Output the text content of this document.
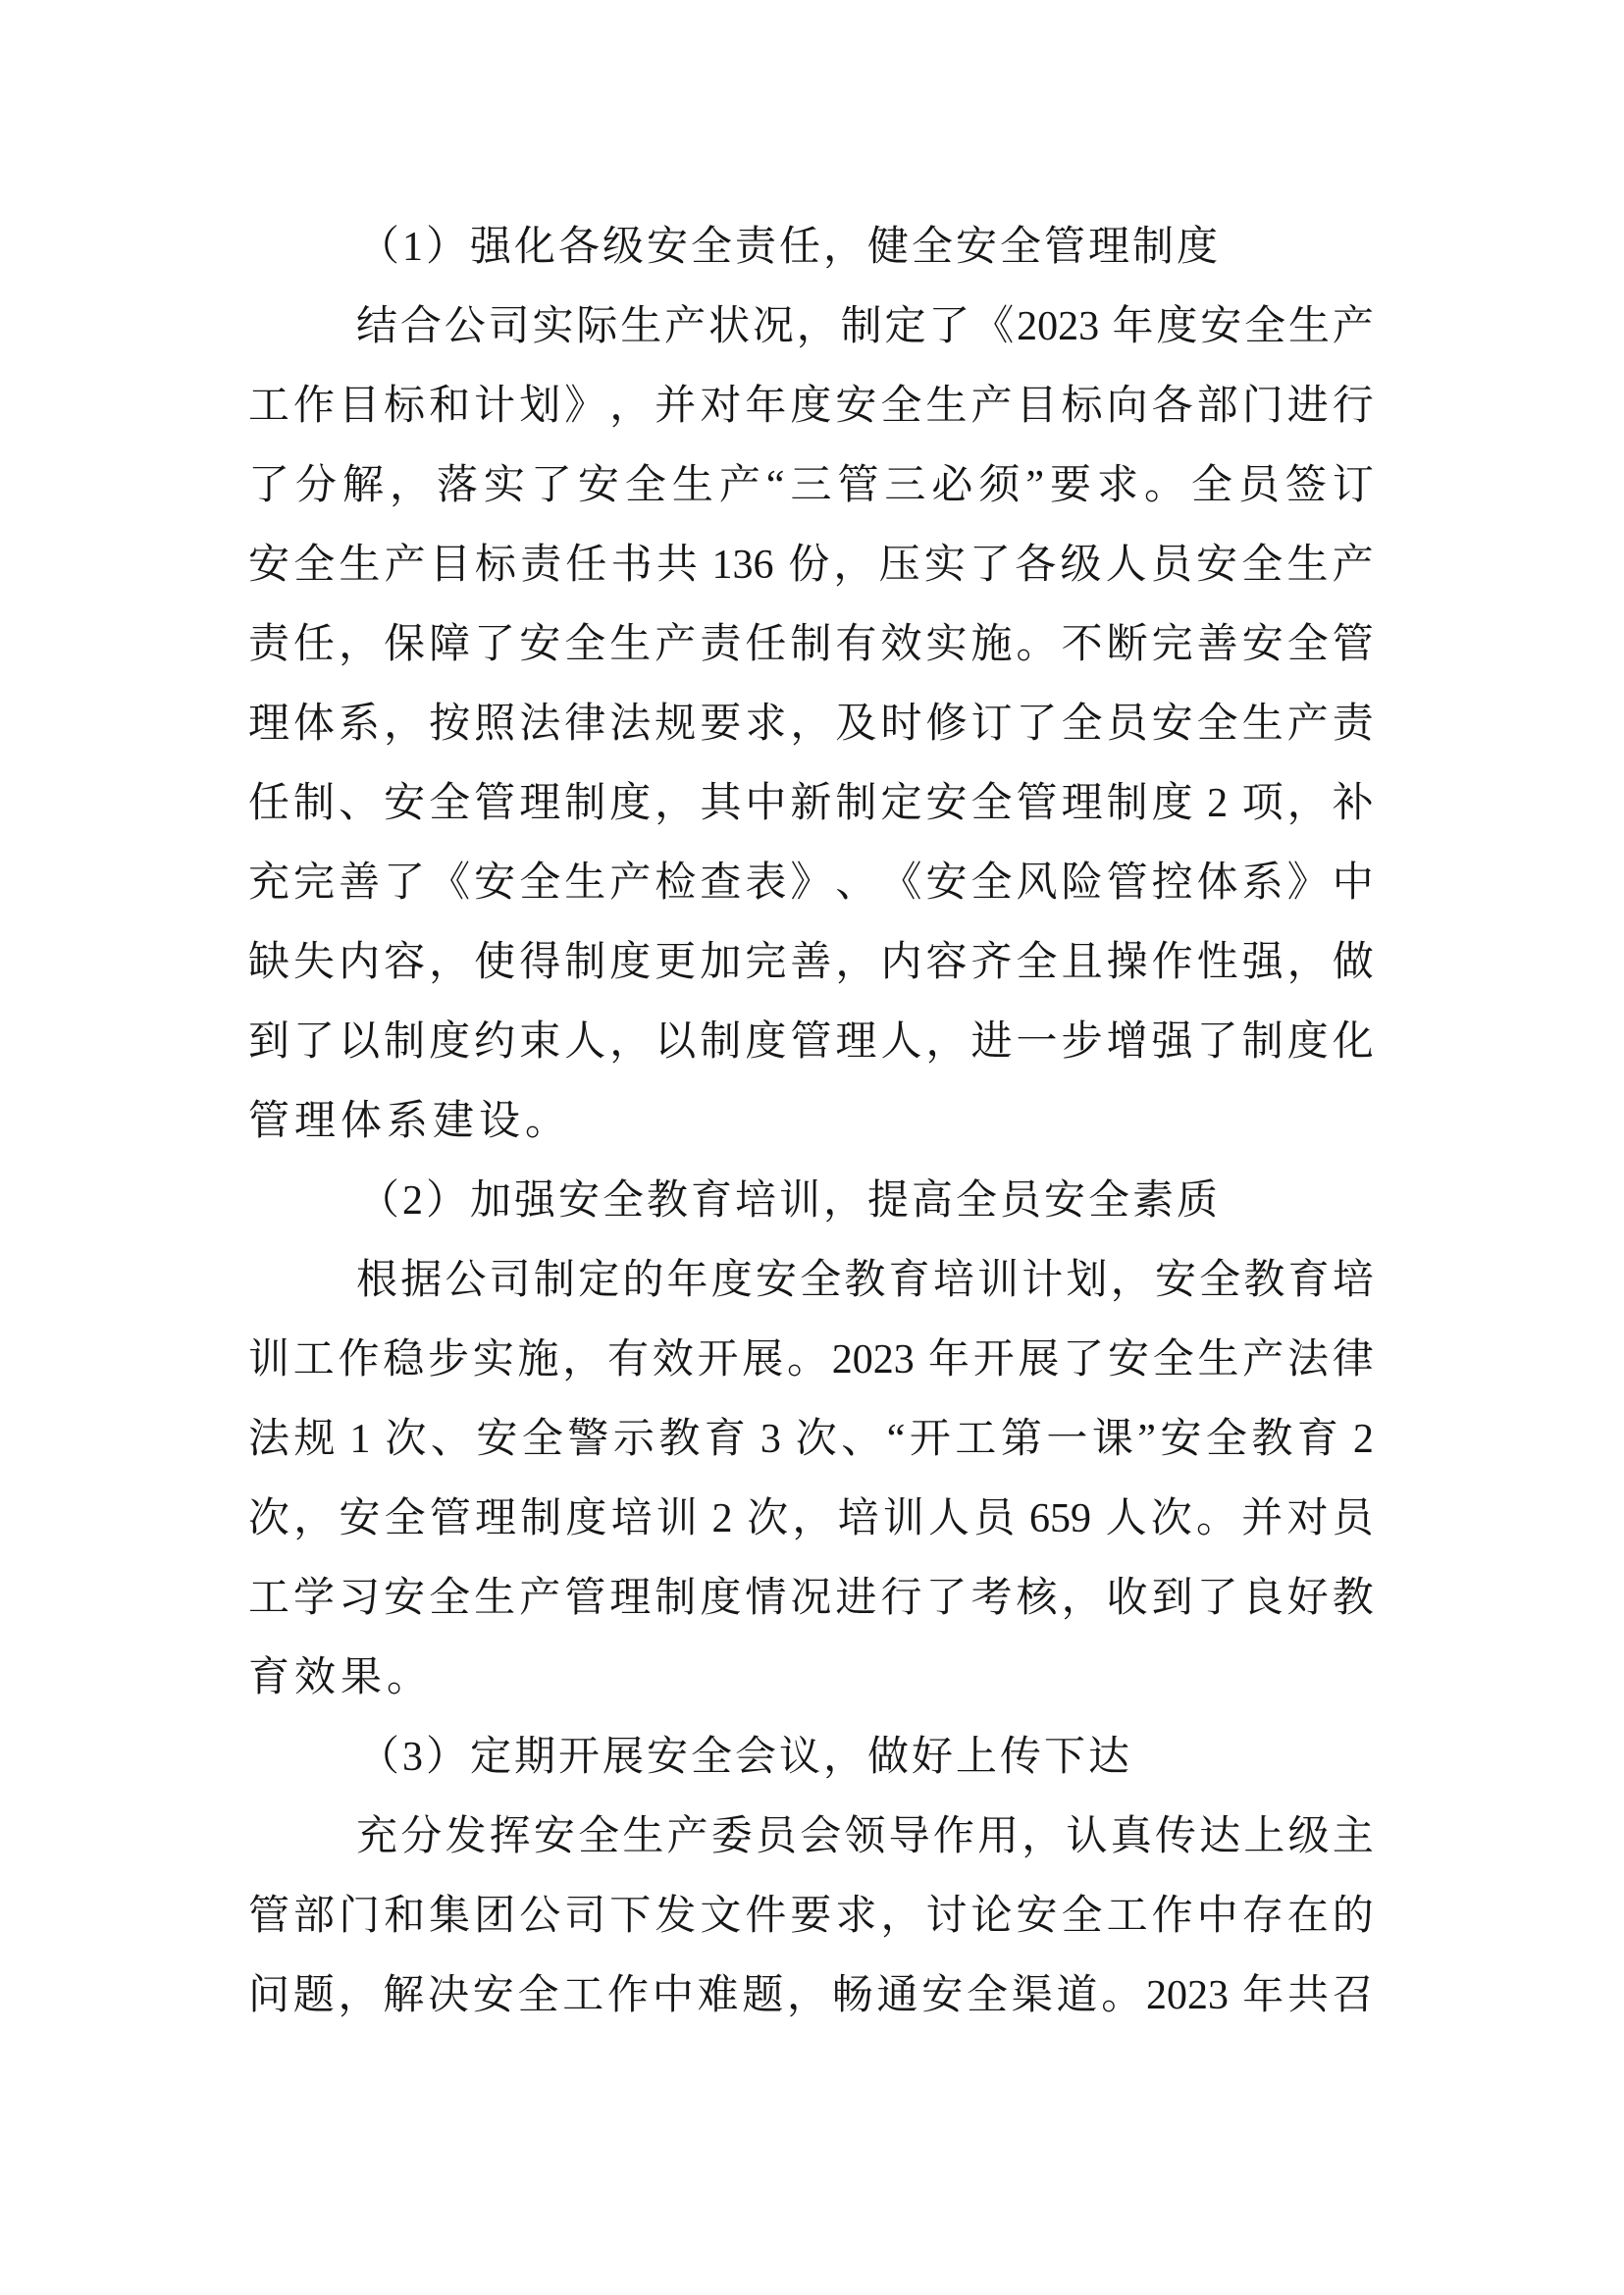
（1）强化各级安全责任，健全安全管理制度
结 合 公 司 实 际 生 产 状 况 ， 制 定 了 《 2023 年 度 安 全 生 产
工 作 目 标 和 计 划 》 ， 并 对 年 度 安 全 生 产 目 标 向 各 部 门 进 行
了 分 解 ， 落 实 了 安 全 生 产 “ 三 管 三 必 须 ” 要 求 。 全 员 签 订
安 全 生 产 目 标 责 任 书 共 136 份 ， 压 实 了 各 级 人 员 安 全 生 产
责 任 ， 保 障 了 安 全 生 产 责 任 制 有 效 实 施 。 不 断 完 善 安 全 管
理 体 系 ， 按 照 法 律 法 规 要 求 ， 及 时 修 订 了 全 员 安 全 生 产 责
任 制 、 安 全 管 理 制 度 ， 其 中 新 制 定 安 全 管 理 制 度 2 项 ， 补
充 完 善 了 《 安 全 生 产 检 查 表 》 、 《 安 全 风 险 管 控 体 系 》 中
缺 失 内 容 ， 使 得 制 度 更 加 完 善 ， 内 容 齐 全 且 操 作 性 强 ， 做
到 了 以 制 度 约 束 人 ， 以 制 度 管 理 人 ， 进 一 步 增 强 了 制 度 化
管理体系建设。
（2）加强安全教育培训，提高全员安全素质
根 据 公 司 制 定 的 年 度 安 全 教 育 培 训 计 划 ， 安 全 教 育 培
训 工 作 稳 步 实 施 ， 有 效 开 展 。 2023 年 开 展 了 安 全 生 产 法 律
法 规 1 次 、 安 全 警 示 教 育 3 次 、 “ 开 工 第 一 课 ” 安 全 教 育 2
次 ， 安 全 管 理 制 度 培 训 2 次 ， 培 训 人 员 659 人 次 。 并 对 员
工 学 习 安 全 生 产 管 理 制 度 情 况 进 行 了 考 核 ， 收 到 了 良 好 教
育效果。
（3）定期开展安全会议，做好上传下达
充 分 发 挥 安 全 生 产 委 员 会 领 导 作 用 ， 认 真 传 达 上 级 主
管 部 门 和 集 团 公 司 下 发 文 件 要 求 ， 讨 论 安 全 工 作 中 存 在 的
问 题 ， 解 决 安 全 工 作 中 难 题 ， 畅 通 安 全 渠 道 。 2023 年 共 召
